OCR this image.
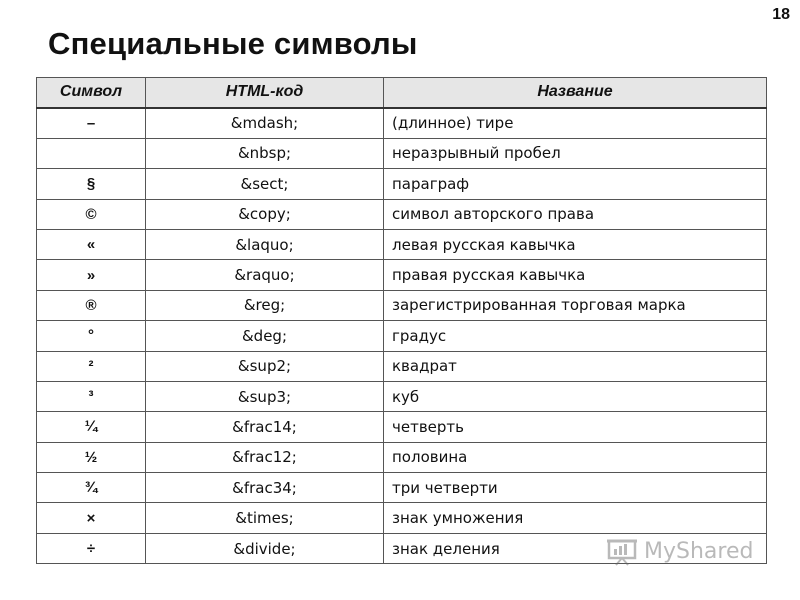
18
Специальные символы
Символ	HTML-код	Название
–	&mdash;	(длинное) тире
	&nbsp;	неразрывный пробел
§	&sect;	параграф
©	&copy;	символ авторского права
«	&laquo;	левая русская кавычка
»	&raquo;	правая русская кавычка
®	&reg;	зарегистрированная торговая марка
°	&deg;	градус
²	&sup2;	квадрат
³	&sup3;	куб
¼	&frac14;	четверть
½	&frac12;	половина
¾	&frac34;	три четверти
×	&times;	знак умножения
÷	&divide;	знак деления	MyShared
